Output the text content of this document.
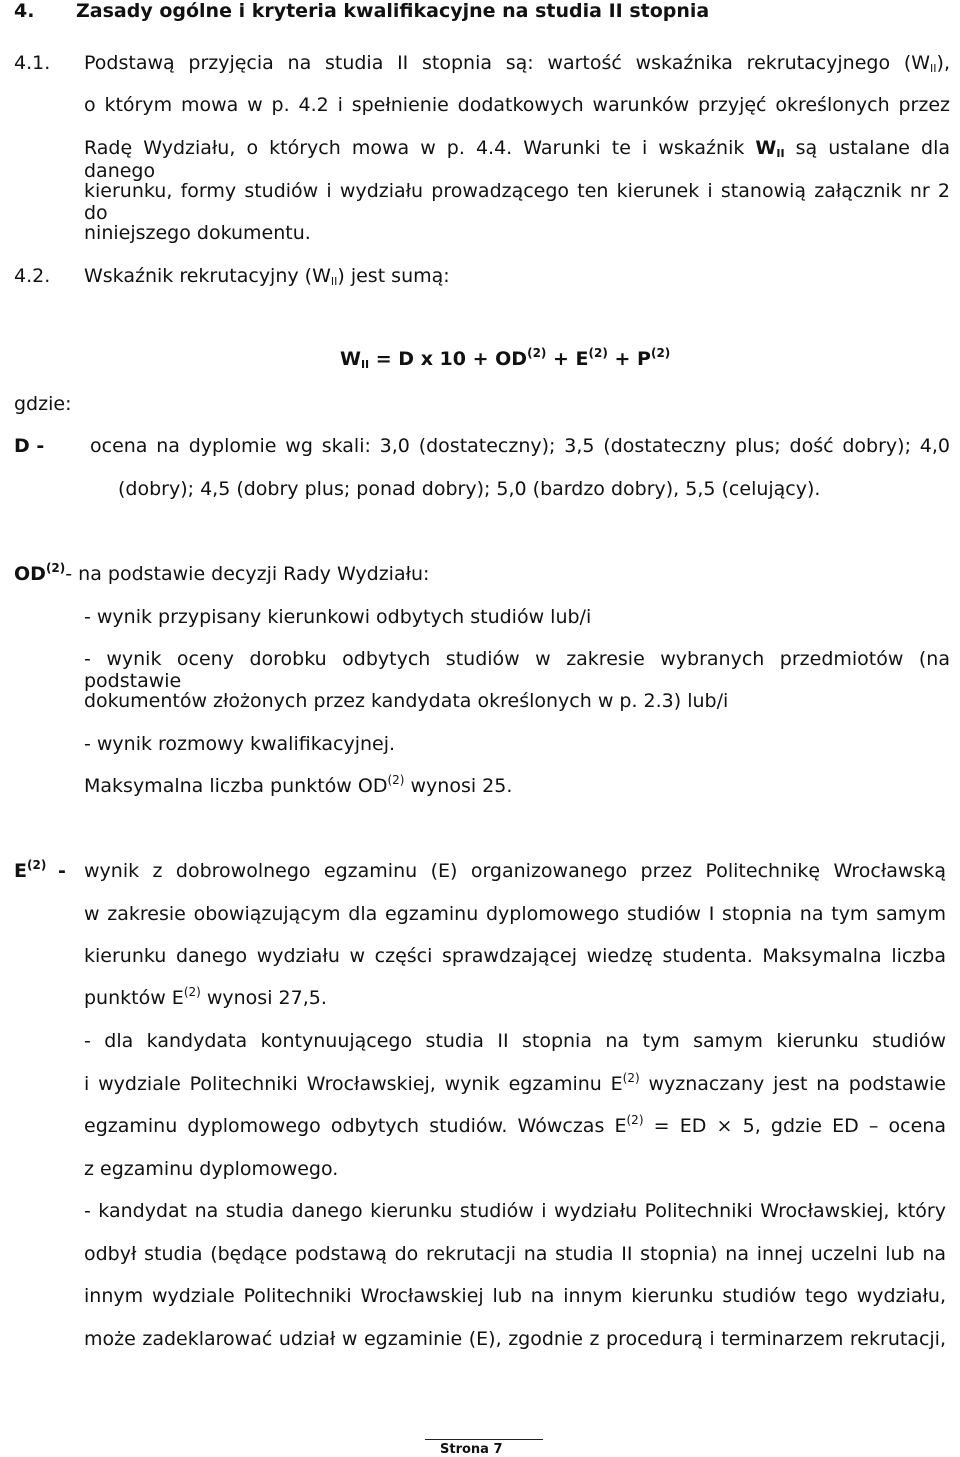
4. Zasady ogólne i kryteria kwalifikacyjne na studia II stopnia
4.1. Podstawą przyjęcia na studia II stopnia są: wartość wskaźnika rekrutacyjnego $(W_{II})$,
o którym mowa w p. 4.2 i spełnienie dodatkowych warunków przyjęć określonych przez
Radę Wydziału, o których mowa w p. 4.4. Warunki te i wskaźnik $W_{II}$ są ustalane dla danego
kierunku, formy studiów i wydziału prowadzącego ten kierunek i stanowią załącznik nr 2 do
niniejszego dokumentu.
4.2. Wskaźnik rekrutacyjny $(W_{II})$ jest sumą:
$W_{II} = D$ x $10 + OD^{(2)} + E^{(2)} + P^{(2)}$
gdzie:
D - ocena na dyplomie wg skali: 3,0 (dostateczny); 3,5 (dostateczny plus; dość dobry); 4,0
(dobry); 4,5 (dobry plus; ponad dobry); 5,0 (bardzo dobry), 5,5 (celujący).
OD$^{(2)}$- na podstawie decyzji Rady Wydziału:
- wynik przypisany kierunkowi odbytych studiów lub/i
- wynik oceny dorobku odbytych studiów w zakresie wybranych przedmiotów (na podstawie
dokumentów złożonych przez kandydata określonych w p. 2.3) lub/i
- wynik rozmowy kwalifikacyjnej.
Maksymalna liczba punktów OD$^{(2)}$ wynosi 25.
$E^{(2)}$ - wynik z dobrowolnego egzaminu (E) organizowanego przez Politechnikę Wrocławską
w zakresie obowiązującym dla egzaminu dyplomowego studiów I stopnia na tym samym
kierunku danego wydziału w części sprawdzającej wiedzę studenta. Maksymalna liczba
punktów $E^{(2)}$ wynosi 27,5.
- dla kandydata kontynuującego studia II stopnia na tym samym kierunku studiów
i wydziale Politechniki Wrocławskiej, wynik egzaminu $E^{(2)}$ wyznaczany jest na podstawie
egzaminu dyplomowego odbytych studiów. Wówczas $E^{(2)}$ = ED × 5, gdzie ED – ocena
z egzaminu dyplomowego.
- kandydat na studia danego kierunku studiów i wydziału Politechniki Wrocławskiej, który
odbył studia (będące podstawą do rekrutacji na studia II stopnia) na innej uczelni lub na
innym wydziale Politechniki Wrocławskiej lub na innym kierunku studiów tego wydziału,
może zadeklarować udział w egzaminie (E), zgodnie z procedurą i terminarzem rekrutacji,
Strona 7
